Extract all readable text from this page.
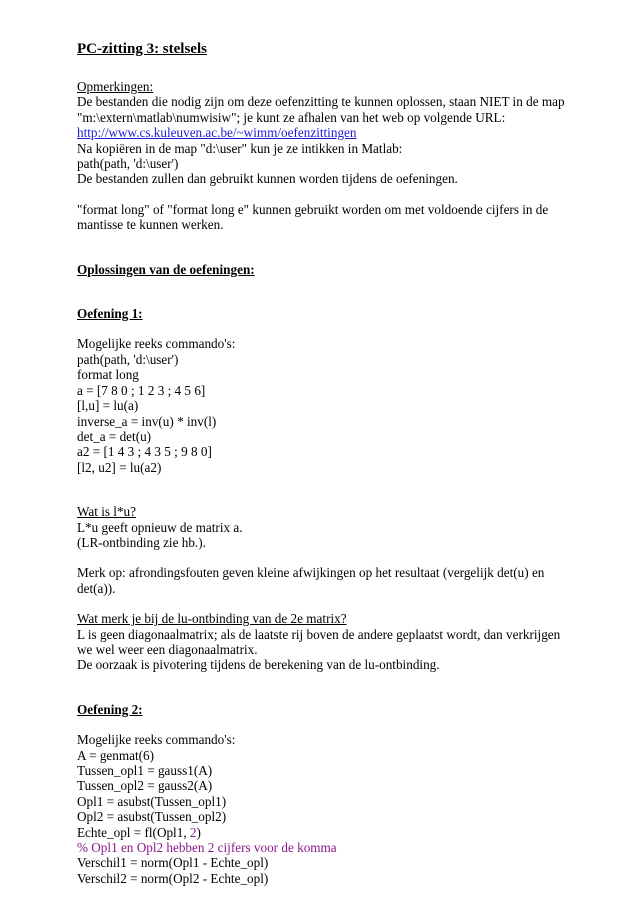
PC-zitting 3: stelsels
Opmerkingen:
De bestanden die nodig zijn om deze oefenzitting te kunnen oplossen, staan NIET in de map
"m:\extern\matlab\numwisiw"; je kunt ze afhalen van het web op volgende URL:
http://www.cs.kuleuven.ac.be/~wimm/oefenzittingen
Na kopiëren in de map "d:\user" kun je ze intikken in Matlab:
path(path, 'd:\user')
De bestanden zullen dan gebruikt kunnen worden tijdens de oefeningen.
"format long" of "format long e" kunnen gebruikt worden om met voldoende cijfers in de
mantisse te kunnen werken.
Oplossingen van de oefeningen:
Oefening 1:
Mogelijke reeks commando's:
path(path, 'd:\user')
format long
a = [7 8 0 ; 1 2 3 ; 4 5 6]
[l,u] = lu(a)
inverse_a = inv(u) * inv(l)
det_a = det(u)
a2 = [1 4 3 ; 4 3 5 ; 9 8 0]
[l2, u2] = lu(a2)
Wat is l*u?
L*u geeft opnieuw de matrix a.
(LR-ontbinding zie hb.).
Merk op: afrondingsfouten geven kleine afwijkingen op het resultaat (vergelijk det(u) en
det(a)).
Wat merk je bij de lu-ontbinding van de 2e matrix?
L is geen diagonaalmatrix; als de laatste rij boven de andere geplaatst wordt, dan verkrijgen
we wel weer een diagonaalmatrix.
De oorzaak is pivotering tijdens de berekening van de lu-ontbinding.
Oefening 2:
Mogelijke reeks commando's:
A = genmat(6)
Tussen_opl1 = gauss1(A)
Tussen_opl2 = gauss2(A)
Opl1 = asubst(Tussen_opl1)
Opl2 = asubst(Tussen_opl2)
Echte_opl = fl(Opl1, 2)
% Opl1 en Opl2 hebben 2 cijfers voor de komma
Verschil1 = norm(Opl1 - Echte_opl)
Verschil2 = norm(Opl2 - Echte_opl)
